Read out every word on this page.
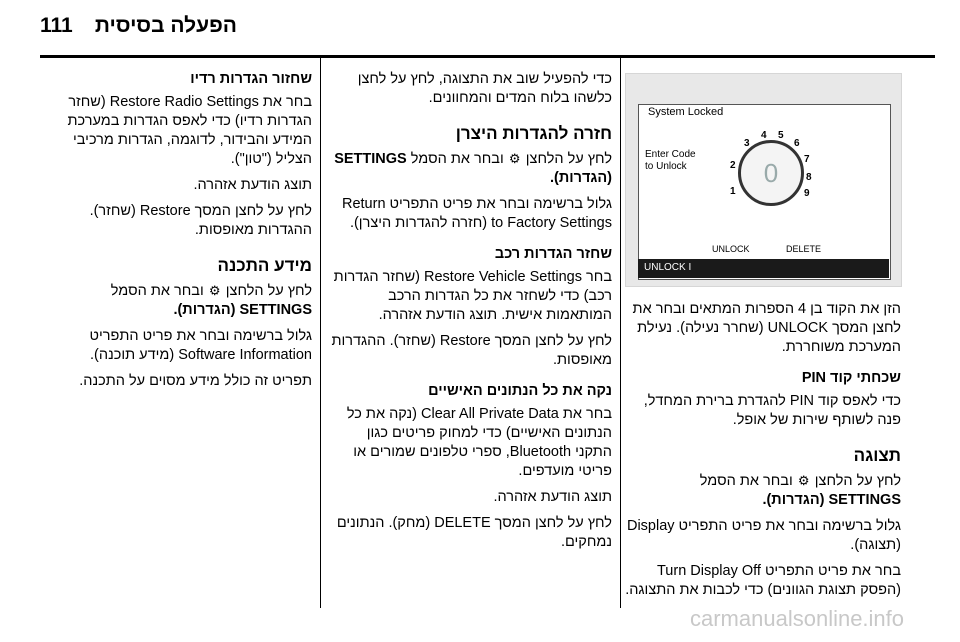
111 הפעלה בסיסית
System Locked
Enter Code
to Unlock	0
1
2
3
4 5
6
7
8
9
UNLOCK	DELETE
UNLOCK I

הזן את הקוד בן 4 הספרות המתאים ובחר את לחצן המסך UNLOCK (שחרר נעילה). נעילת המערכת משוחררת.

שכחתי קוד PIN

כדי לאפס קוד PIN להגדרת ברירת המחדל, פנה לשותף שירות של אופל.

תצוגה

לחץ על הלחצן ⚙ ובחר את הסמל SETTINGS (הגדרות).

גלול ברשימה ובחר את פריט התפריט Display (תצוגה).

בחר את פריט התפריט Turn Display Off (הפסק תצוגת הגוונים) כדי לכבות את התצוגה.

כדי להפעיל שוב את התצוגה, לחץ על לחצן כלשהו בלוח המדים והמחוונים.

חזרה להגדרות היצרן

לחץ על הלחצן ⚙ ובחר את הסמל SETTINGS (הגדרות).

גלול ברשימה ובחר את פריט התפריט Return to Factory Settings (חזרה להגדרות היצרן).

שחזר הגדרות רכב

בחר Restore Vehicle Settings (שחזר הגדרות רכב) כדי לשחזר את כל הגדרות הרכב המותאמות אישית. תוצג הודעת אזהרה.

לחץ על לחצן המסך Restore (שחזר). ההגדרות מאופסות.

נקה את כל הנתונים האישיים

בחר את Clear All Private Data (נקה את כל הנתונים האישיים) כדי למחוק פריטים כגון התקני Bluetooth, ספרי טלפונים שמורים או פריטי מועדפים.

תוצג הודעת אזהרה.

לחץ על לחצן המסך DELETE (מחק). הנתונים נמחקים.

שחזור הגדרות רדיו

בחר את Restore Radio Settings (שחזר הגדרות רדיו) כדי לאפס הגדרות במערכת המידע והבידור, לדוגמה, הגדרות מרכיבי הצליל ("טון").

תוצג הודעת אזהרה.

לחץ על לחצן המסך Restore (שחזר). ההגדרות מאופסות.

מידע התכנה

לחץ על הלחצן ⚙ ובחר את הסמל SETTINGS (הגדרות).

גלול ברשימה ובחר את פריט התפריט Software Information (מידע תוכנה).

תפריט זה כולל מידע מסוים על התכנה.

carmanualsonline.info
